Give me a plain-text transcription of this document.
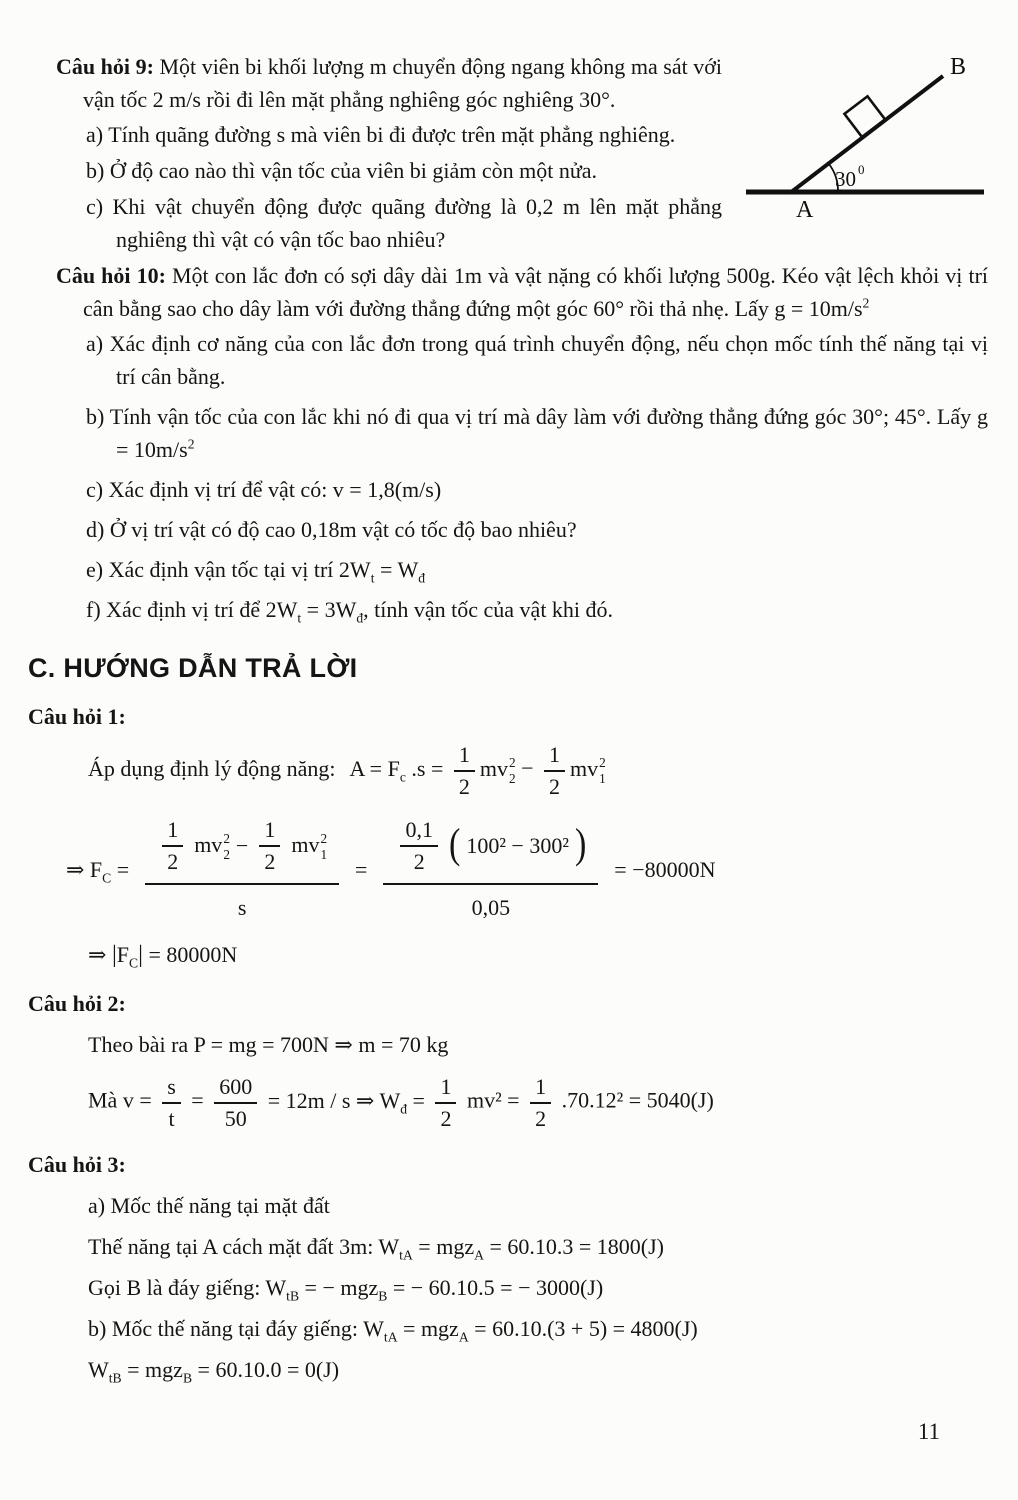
30 0
A
B

Câu hỏi 9: Một viên bi khối lượng m chuyển động ngang không ma sát với vận tốc 2 m/s rồi đi lên mặt phẳng nghiêng góc nghiêng 30°.

a) Tính quãng đường s mà viên bi đi được trên mặt phẳng nghiêng.

b) Ở độ cao nào thì vận tốc của viên bi giảm còn một nửa.

c) Khi vật chuyển động được quãng đường là 0,2 m lên mặt phẳng nghiêng thì vật có vận tốc bao nhiêu?

Câu hỏi 10: Một con lắc đơn có sợi dây dài 1m và vật nặng có khối lượng 500g. Kéo vật lệch khỏi vị trí cân bằng sao cho dây làm với đường thẳng đứng một góc 60° rồi thả nhẹ. Lấy $g = 10m/s^2$

a) Xác định cơ năng của con lắc đơn trong quá trình chuyển động, nếu chọn mốc tính thế năng tại vị trí cân bằng.

b) Tính vận tốc của con lắc khi nó đi qua vị trí mà dây làm với đường thẳng đứng góc 30°; 45°. Lấy $g = 10m/s^2$

c) Xác định vị trí để vật có: v = 1,8(m/s)

d) Ở vị trí vật có độ cao 0,18m vật có tốc độ bao nhiêu?

e) Xác định vận tốc tại vị trí $2W_t = W_đ$

f) Xác định vị trí để $2W_t = 3W_đ$, tính vận tốc của vật khi đó.

C. HƯỚNG DẪN TRẢ LỜI

Câu hỏi 1:

Áp dụng định lý động năng: $A = F_c$ $.s = \frac{1}{2}$ mv 2
$2 - \frac{1}{2}$ mv 2
1
⇒ $F_C = \frac{1}{2}$ mv 2
$2 - \frac{1}{2}$ mv 2
1
$s = \frac{\frac{0,1}{2} ( 100^2 - 300^2 )}{0,05} = -80000N$
⇒ $|F_C| = 80000N$

Câu hỏi 2:

Theo bài ra P = mg = 700N ⇒ m = 70 kg

Mà $v = \frac{s}{t} = \frac{600}{50} = 12m / s$ ⇒ $W_đ = \frac{1}{2} mv^2 = \frac{1}{2} .70.12^2 = 5040(J)$

Câu hỏi 3:

a) Mốc thế năng tại mặt đất

Thế năng tại A cách mặt đất 3m: $W_{tA} = mgz_A = 60.10.3 = 1800(J)$

Gọi B là đáy giếng: $W_{tB}$ = − mgz$_B$ = − 60.10.5 = − 3000(J)

b) Mốc thế năng tại đáy giếng: $W_{tA} = mgz_A = 60.10.(3 + 5) = 4800(J)$

$W_{tB} = mgz_B = 60.10.0 = 0(J)$

11
